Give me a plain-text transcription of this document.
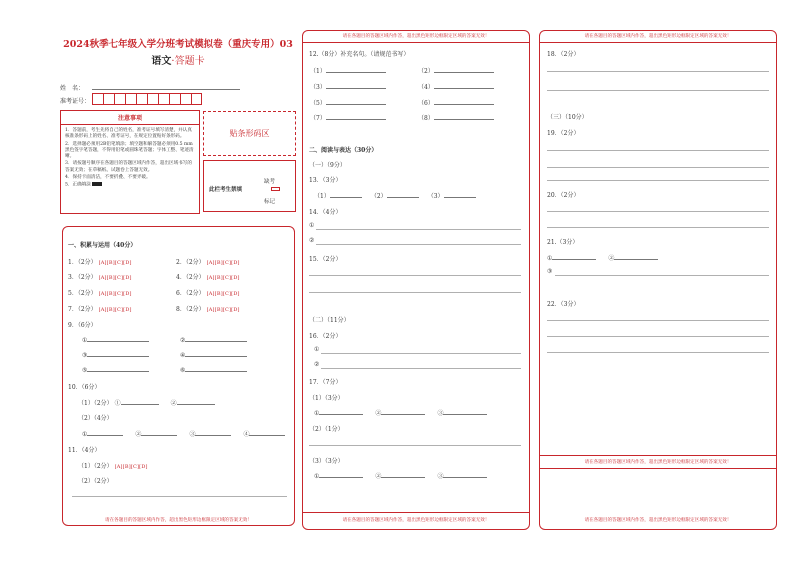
2024秋季七年级入学分班考试模拟卷（重庆专用）03
语文·答题卡
姓　名：
准考证号：
注意事项
1．答题前，考生先将自己的姓名，准考证号填写清楚，并认真核准条形码上的姓名、准考证号，在规定位置贴好条形码。
2．选择题必须用2B铅笔填涂；填空题和解答题必须用0.5 mm黑色签字笔答题，不得用铅笔或圆珠笔答题；字体工整、笔迹清晰。
3．请按题号顺序在各题目的答题区域内作答，超出区域书写的答案无效；在草稿纸、试题卷上答题无效。
4．保持卡面清洁，不要折叠、不要弄破。
5．正确填涂
贴条形码区
此栏考生禁填
缺考
标记
一、积累与运用（40分）
1．（2分） [A][B][C][D]	2．（2分） [A][B][C][D]
3．（2分） [A][B][C][D]	4．（2分） [A][B][C][D]
5．（2分） [A][B][C][D]	6．（2分） [A][B][C][D]
7．（2分） [A][B][C][D]	8．（2分） [A][B][C][D]
9．（6分）
①	②
③	④
⑤	⑥
10．（6分）
（1）（2分） ①　　	②
（2）（4分）
①　　	②　　	③　　	④
11．（4分）
（1）（2分） [A][B][C][D]
（2）（2分）
请在各题目的答题区域内作答，超出黑色矩形边框限定区域的答案无效！
12.（8分）补充名句。（请规范书写）
（1）	（2）
（3）	（4）
（5）	（6）
（7）	（8）
二、阅读与表达（30分）
（一）（9分）
13．（3分）
（1）　　	（2）　　	（3）
14．（4分）
①
②
15．（2分）
（二）（11分）
16．（2分）
①
②
17．（7分）
（1）（3分）
①　　	②　　	③
（2）（1分）
（3）（3分）
①　　	②　　	③
请在各题目的答题区域内作答，超出黑色矩形边框限定区域的答案无效！
请在各题目的答题区域内作答，超出黑色矩形边框限定区域的答案无效！
18．（2分）
（三）（10分）
19．（2分）
20．（2分）
21.（3分）
①　　	②
③
22．（3分）
请在各题目的答题区域内作答，超出黑色矩形边框限定区域的答案无效！
请在各题目的答题区域内作答，超出黑色矩形边框限定区域的答案无效！
请在各题目的答题区域内作答，超出黑色矩形边框限定区域的答案无效！
